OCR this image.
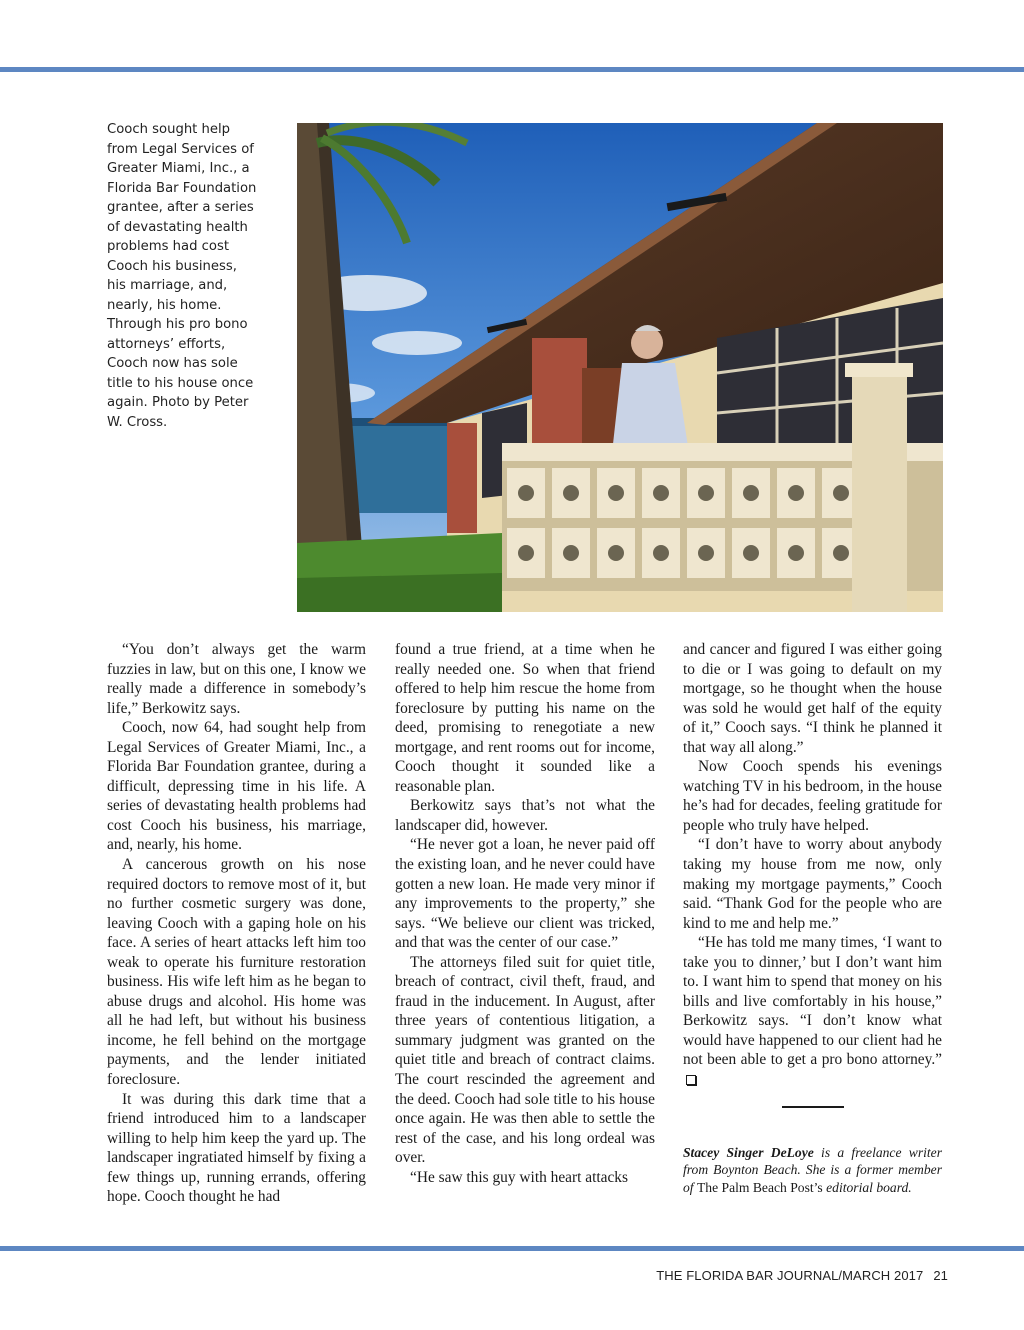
Cooch sought help from Legal Services of Greater Miami, Inc., a Florida Bar Foundation grantee, after a series of devastating health problems had cost Cooch his business, his marriage, and, nearly, his home. Through his pro bono attorneys’ efforts, Cooch now has sole title to his house once again. Photo by Peter W. Cross.

“You don’t always get the warm fuzzies in law, but on this one, I know we really made a difference in somebody’s life,” Berkowitz says.

Cooch, now 64, had sought help from Legal Services of Greater Miami, Inc., a Florida Bar Foundation grantee, during a difficult, depressing time in his life. A series of devastating health problems had cost Cooch his business, his marriage, and, nearly, his home.

A cancerous growth on his nose required doctors to remove most of it, but no further cosmetic surgery was done, leaving Cooch with a gaping hole on his face. A series of heart attacks left him too weak to operate his furniture restoration business. His wife left him as he began to abuse drugs and alcohol. His home was all he had left, but without his business income, he fell behind on the mortgage payments, and the lender initiated foreclosure.

It was during this dark time that a friend introduced him to a landscaper willing to help him keep the yard up. The landscaper ingratiated himself by fixing a few things up, running errands, offering hope. Cooch thought he had

found a true friend, at a time when he really needed one. So when that friend offered to help him rescue the home from foreclosure by putting his name on the deed, promising to renegotiate a new mortgage, and rent rooms out for income, Cooch thought it sounded like a reasonable plan.

Berkowitz says that’s not what the landscaper did, however.

“He never got a loan, he never paid off the existing loan, and he never could have gotten a new loan. He made very minor if any improvements to the property,” she says. “We believe our client was tricked, and that was the center of our case.”

The attorneys filed suit for quiet title, breach of contract, civil theft, fraud, and fraud in the inducement. In August, after three years of contentious litigation, a summary judgment was granted on the quiet title and breach of contract claims. The court rescinded the agreement and the deed. Cooch had sole title to his house once again. He was then able to settle the rest of the case, and his long ordeal was over.

“He saw this guy with heart attacks

and cancer and figured I was either going to die or I was going to default on my mortgage, so he thought when the house was sold he would get half of the equity of it,” Cooch says. “I think he planned it that way all along.”

Now Cooch spends his evenings watching TV in his bedroom, in the house he’s had for decades, feeling gratitude for people who truly have helped.

“I don’t have to worry about anybody taking my house from me now, only making my mortgage payments,” Cooch said. “Thank God for the people who are kind to me and help me.”

“He has told me many times, ‘I want to take you to dinner,’ but I don’t want him to. I want him to spend that money on his bills and live comfortably in his house,” Berkowitz says. “I don’t know what would have happened to our client had he not been able to get a pro bono attorney.”

Stacey Singer DeLoye is a freelance writer from Boynton Beach. She is a former member of The Palm Beach Post’s editorial board.
THE FLORIDA BAR JOURNAL/MARCH 2017 21
